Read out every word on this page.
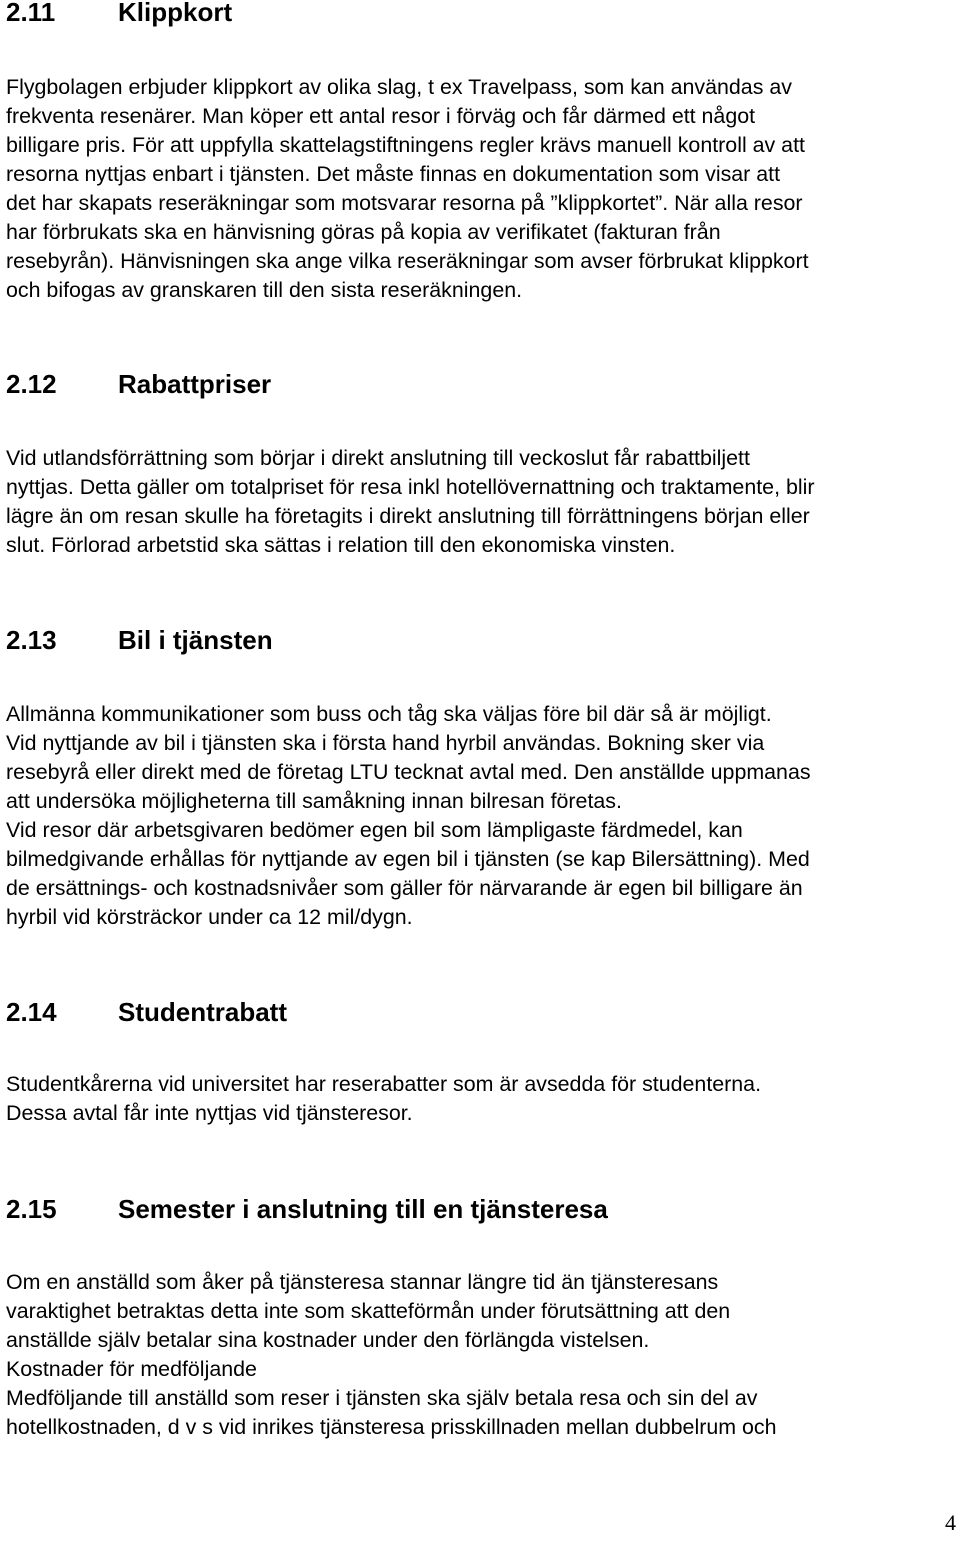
2.11 Klippkort
Flygbolagen erbjuder klippkort av olika slag, t ex Travelpass, som kan användas av
frekventa resenärer. Man köper ett antal resor i förväg och får därmed ett något
billigare pris. För att uppfylla skattelagstiftningens regler krävs manuell kontroll av att
resorna nyttjas enbart i tjänsten. Det måste finnas en dokumentation som visar att
det har skapats reseräkningar som motsvarar resorna på ”klippkortet”. När alla resor
har förbrukats ska en hänvisning göras på kopia av verifikatet (fakturan från
resebyrån). Hänvisningen ska ange vilka reseräkningar som avser förbrukat klippkort
och bifogas av granskaren till den sista reseräkningen.
2.12 Rabattpriser
Vid utlandsförrättning som börjar i direkt anslutning till veckoslut får rabattbiljett
nyttjas. Detta gäller om totalpriset för resa inkl hotellövernattning och traktamente, blir
lägre än om resan skulle ha företagits i direkt anslutning till förrättningens början eller
slut. Förlorad arbetstid ska sättas i relation till den ekonomiska vinsten.
2.13 Bil i tjänsten
Allmänna kommunikationer som buss och tåg ska väljas före bil där så är möjligt.
Vid nyttjande av bil i tjänsten ska i första hand hyrbil användas. Bokning sker via
resebyrå eller direkt med de företag LTU tecknat avtal med. Den anställde uppmanas
att undersöka möjligheterna till samåkning innan bilresan företas.
Vid resor där arbetsgivaren bedömer egen bil som lämpligaste färdmedel, kan
bilmedgivande erhållas för nyttjande av egen bil i tjänsten (se kap Bilersättning). Med
de ersättnings- och kostnadsnivåer som gäller för närvarande är egen bil billigare än
hyrbil vid körsträckor under ca 12 mil/dygn.
2.14 Studentrabatt
Studentkårerna vid universitet har reserabatter som är avsedda för studenterna.
Dessa avtal får inte nyttjas vid tjänsteresor.
2.15 Semester i anslutning till en tjänsteresa
Om en anställd som åker på tjänsteresa stannar längre tid än tjänsteresans
varaktighet betraktas detta inte som skatteförmån under förutsättning att den
anställde själv betalar sina kostnader under den förlängda vistelsen.
Kostnader för medföljande
Medföljande till anställd som reser i tjänsten ska själv betala resa och sin del av
hotellkostnaden, d v s vid inrikes tjänsteresa prisskillnaden mellan dubbelrum och
4
